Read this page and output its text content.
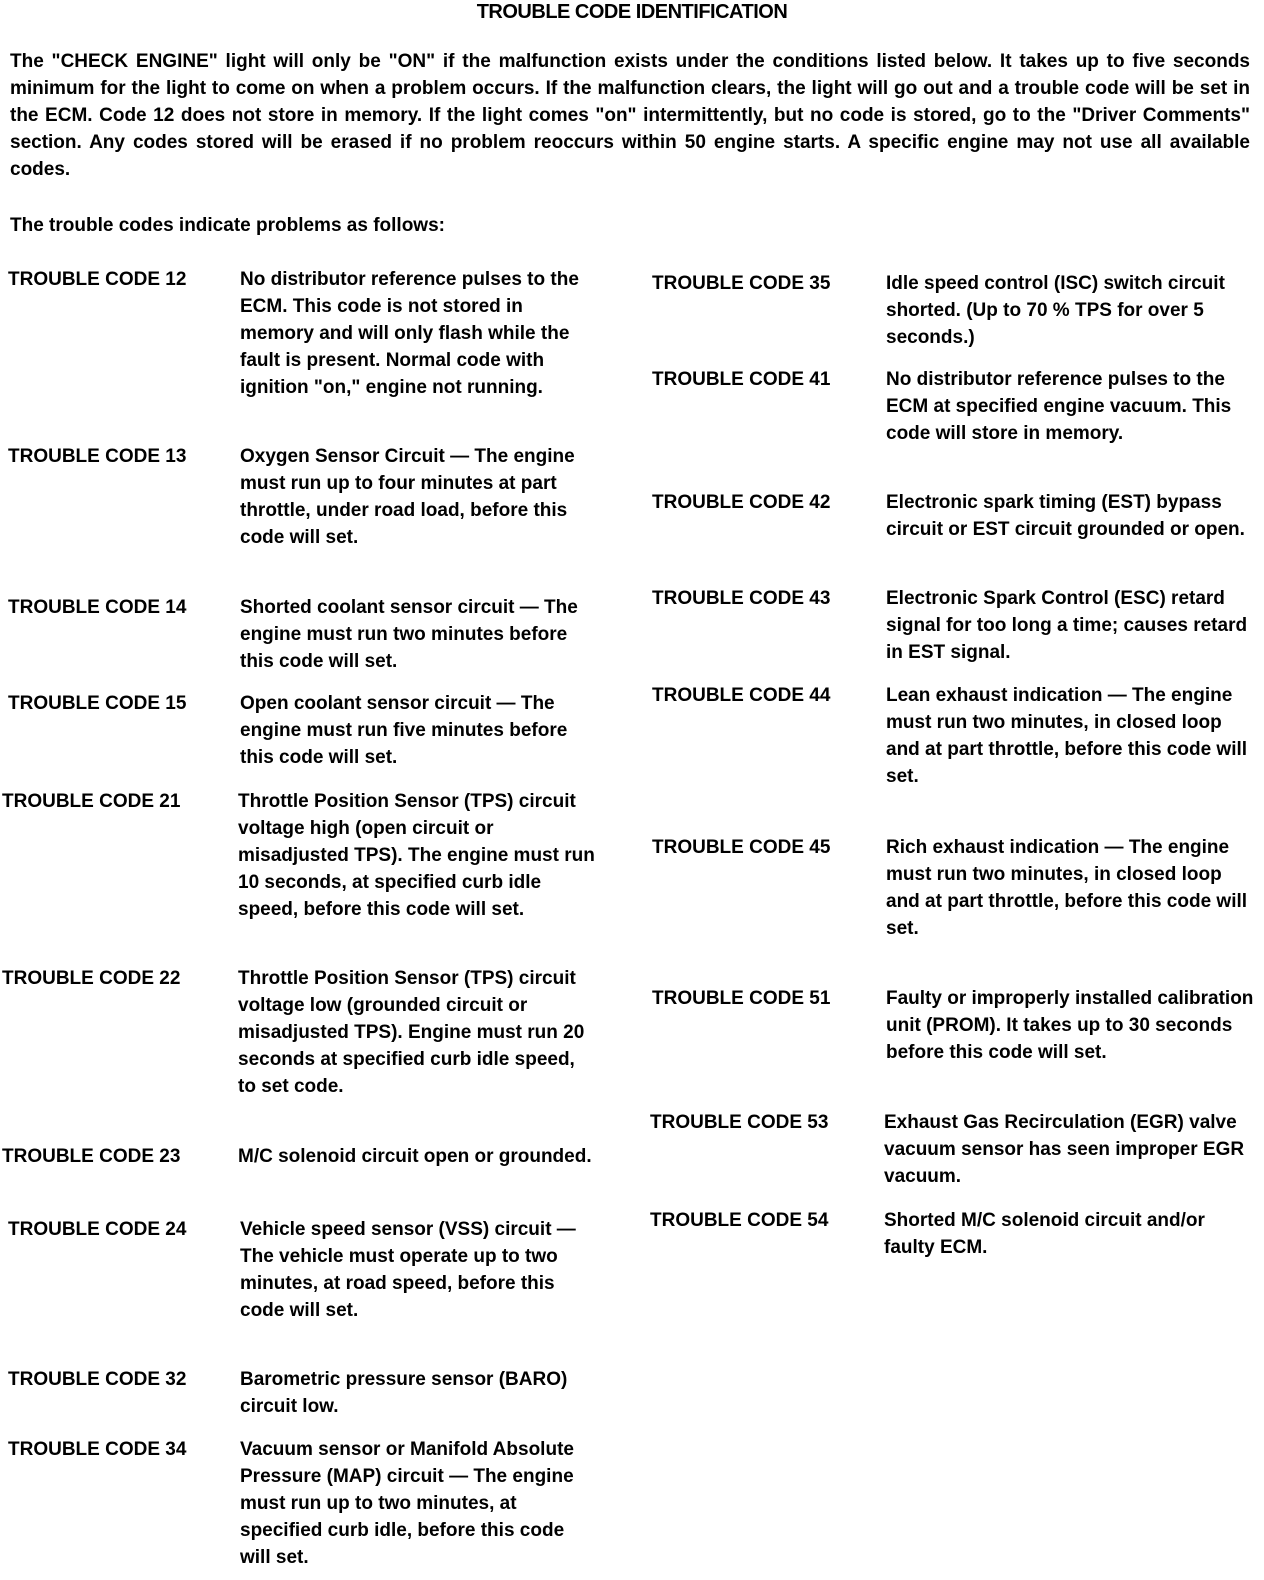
TROUBLE CODE IDENTIFICATION
The "CHECK ENGINE" light will only be "ON" if the malfunction exists under the conditions listed below. It takes up to five seconds minimum for the light to come on when a problem occurs. If the malfunction clears, the light will go out and a trouble code will be set in the ECM. Code 12 does not store in memory. If the light comes "on" intermittently, but no code is stored, go to the "Driver Comments" section. Any codes stored will be erased if no problem reoccurs within 50 engine starts. A specific engine may not use all available codes.
The trouble codes indicate problems as follows:
TROUBLE CODE 12	No distributor reference pulses to the ECM. This code is not stored in memory and will only flash while the fault is present. Normal code with ignition "on," engine not running.
TROUBLE CODE 13	Oxygen Sensor Circuit — The engine must run up to four minutes at part throttle, under road load, before this code will set.
TROUBLE CODE 14	Shorted coolant sensor circuit — The engine must run two minutes before this code will set.
TROUBLE CODE 15	Open coolant sensor circuit — The engine must run five minutes before this code will set.
TROUBLE CODE 21	Throttle Position Sensor (TPS) circuit voltage high (open circuit or misadjusted TPS). The engine must run 10 seconds, at specified curb idle speed, before this code will set.
TROUBLE CODE 22	Throttle Position Sensor (TPS) circuit voltage low (grounded circuit or misadjusted TPS). Engine must run 20 seconds at specified curb idle speed, to set code.
TROUBLE CODE 23	M/C solenoid circuit open or grounded.
TROUBLE CODE 24	Vehicle speed sensor (VSS) circuit — The vehicle must operate up to two minutes, at road speed, before this code will set.
TROUBLE CODE 32	Barometric pressure sensor (BARO) circuit low.
TROUBLE CODE 34	Vacuum sensor or Manifold Absolute Pressure (MAP) circuit — The engine must run up to two minutes, at specified curb idle, before this code will set.
TROUBLE CODE 35	Idle speed control (ISC) switch circuit shorted. (Up to 70 % TPS for over 5 seconds.)
TROUBLE CODE 41	No distributor reference pulses to the ECM at specified engine vacuum. This code will store in memory.
TROUBLE CODE 42	Electronic spark timing (EST) bypass circuit or EST circuit grounded or open.
TROUBLE CODE 43	Electronic Spark Control (ESC) retard signal for too long a time; causes retard in EST signal.
TROUBLE CODE 44	Lean exhaust indication — The engine must run two minutes, in closed loop and at part throttle, before this code will set.
TROUBLE CODE 45	Rich exhaust indication — The engine must run two minutes, in closed loop and at part throttle, before this code will set.
TROUBLE CODE 51	Faulty or improperly installed calibration unit (PROM). It takes up to 30 seconds before this code will set.
TROUBLE CODE 53	Exhaust Gas Recirculation (EGR) valve vacuum sensor has seen improper EGR vacuum.
TROUBLE CODE 54	Shorted M/C solenoid circuit and/or faulty ECM.
